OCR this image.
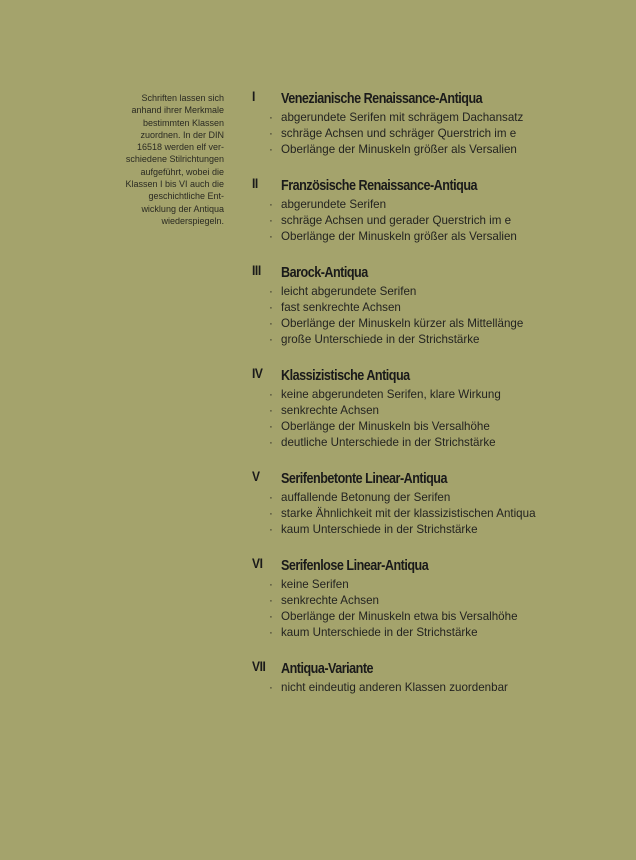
Schriften lassen sich
anhand ihrer Merkmale
bestimmten Klassen
zuordnen. In der DIN
16518 werden elf ver-
schiedene Stilrichtungen
aufgeführt, wobei die
Klassen I bis VI auch die
geschichtliche Ent-
wicklung der Antiqua
wiederspiegeln.
I Venezianische Renaissance-Antiqua
· abgerundete Serifen mit schrägem Dachansatz
· schräge Achsen und schräger Querstrich im e
· Oberlänge der Minuskeln größer als Versalien
II Französische Renaissance-Antiqua
· abgerundete Serifen
· schräge Achsen und gerader Querstrich im e
· Oberlänge der Minuskeln größer als Versalien
III Barock-Antiqua
· leicht abgerundete Serifen
· fast senkrechte Achsen
· Oberlänge der Minuskeln kürzer als Mittellänge
· große Unterschiede in der Strichstärke
IV Klassizistische Antiqua
· keine abgerundeten Serifen, klare Wirkung
· senkrechte Achsen
· Oberlänge der Minuskeln bis Versalhöhe
· deutliche Unterschiede in der Strichstärke
V Serifenbetonte Linear-Antiqua
· auffallende Betonung der Serifen
· starke Ähnlichkeit mit der klassizistischen Antiqua
· kaum Unterschiede in der Strichstärke
VI Serifenlose Linear-Antiqua
· keine Serifen
· senkrechte Achsen
· Oberlänge der Minuskeln etwa bis Versalhöhe
· kaum Unterschiede in der Strichstärke
VII Antiqua-Variante
· nicht eindeutig anderen Klassen zuordenbar
